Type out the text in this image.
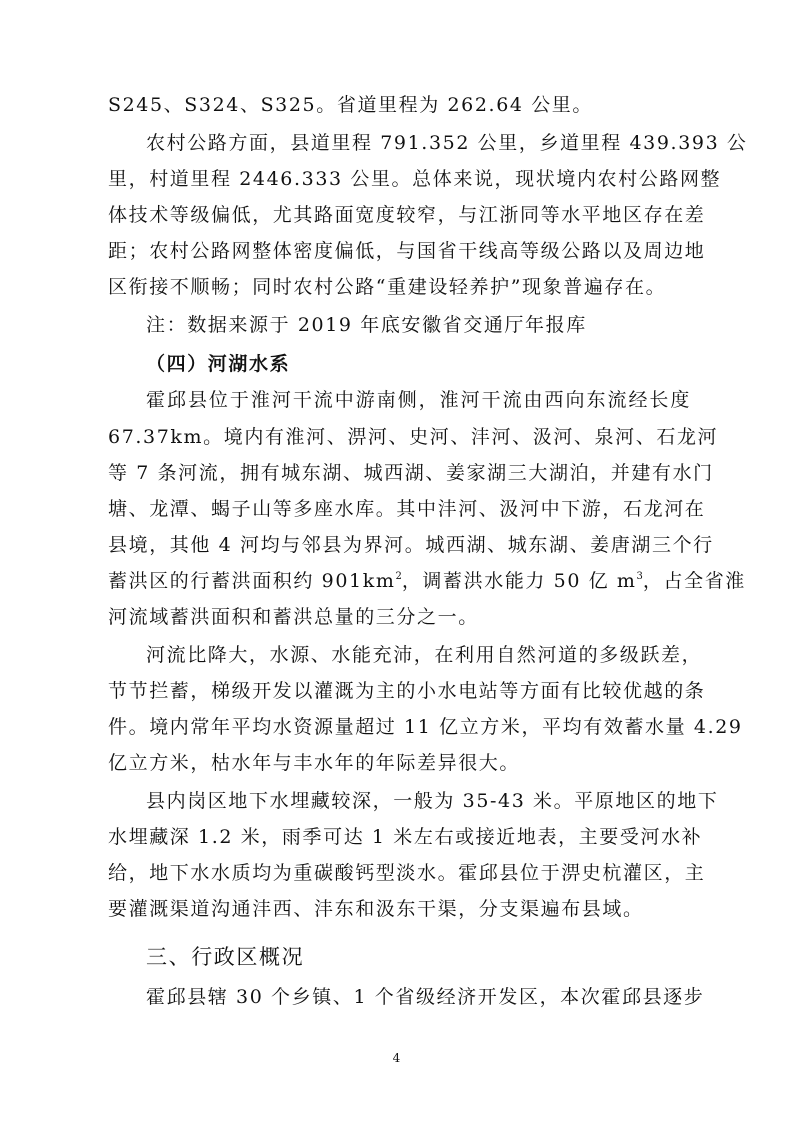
S245、S324、S325。省道里程为 262.64 公里。
农村公路方面，县道里程 791.352 公里，乡道里程 439.393 公
里，村道里程 2446.333 公里。总体来说，现状境内农村公路网整
体技术等级偏低，尤其路面宽度较窄，与江浙同等水平地区存在差
距；农村公路网整体密度偏低，与国省干线高等级公路以及周边地
区衔接不顺畅；同时农村公路“重建设轻养护”现象普遍存在。
注：数据来源于 2019 年底安徽省交通厅年报库
（四）河湖水系
霍邱县位于淮河干流中游南侧，淮河干流由西向东流经长度
67.37km。境内有淮河、淠河、史河、沣河、汲河、泉河、石龙河
等 7 条河流，拥有城东湖、城西湖、姜家湖三大湖泊，并建有水门
塘、龙潭、蝎子山等多座水库。其中沣河、汲河中下游，石龙河在
县境，其他 4 河均与邻县为界河。城西湖、城东湖、姜唐湖三个行
蓄洪区的行蓄洪面积约 $901km^2$，调蓄洪水能力 50 亿 $m^3$，占全省淮
河流域蓄洪面积和蓄洪总量的三分之一。
河流比降大，水源、水能充沛，在利用自然河道的多级跃差，
节节拦蓄，梯级开发以灌溉为主的小水电站等方面有比较优越的条
件。境内常年平均水资源量超过 11 亿立方米，平均有效蓄水量 4.29
亿立方米，枯水年与丰水年的年际差异很大。
县内岗区地下水埋藏较深，一般为 35-43 米。平原地区的地下
水埋藏深 1.2 米，雨季可达 1 米左右或接近地表，主要受河水补
给，地下水水质均为重碳酸钙型淡水。霍邱县位于淠史杭灌区，主
要灌溉渠道沟通沣西、沣东和汲东干渠，分支渠遍布县域。
三、行政区概况
霍邱县辖 30 个乡镇、1 个省级经济开发区，本次霍邱县逐步
4
